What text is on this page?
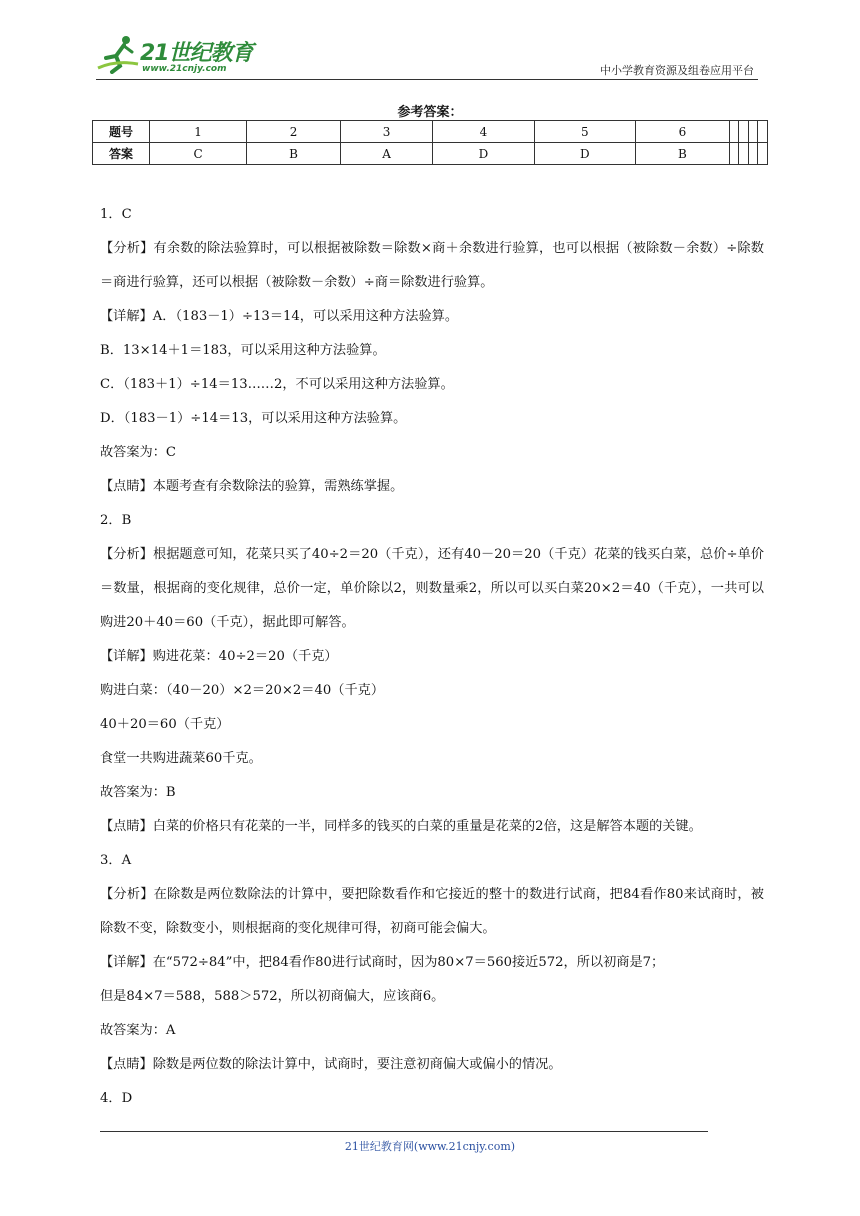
21世纪教育
www.21cnjy.com	中小学教育资源及组卷应用平台
参考答案：
题号	1	2	3	4	5	6				
答案	C	B	A	D	D	B				

1．C

【分析】有余数的除法验算时，可以根据被除数＝除数×商＋余数进行验算，也可以根据（被除数－余数）÷除数＝商进行验算，还可以根据（被除数－余数）÷商＝除数进行验算。

【详解】A．（183－1）÷13＝14，可以采用这种方法验算。

B．13×14＋1＝183，可以采用这种方法验算。

C．（183＋1）÷14＝13……2，不可以采用这种方法验算。

D．（183－1）÷14＝13，可以采用这种方法验算。

故答案为：C

【点睛】本题考查有余数除法的验算，需熟练掌握。

2．B

【分析】根据题意可知，花菜只买了40÷2＝20（千克），还有40－20＝20（千克）花菜的钱买白菜，总价÷单价＝数量，根据商的变化规律，总价一定，单价除以2，则数量乘2，所以可以买白菜20×2＝40（千克），一共可以购进20＋40＝60（千克），据此即可解答。

【详解】购进花菜：40÷2＝20（千克）

购进白菜：（40－20）×2＝20×2＝40（千克）

40＋20＝60（千克）

食堂一共购进蔬菜60千克。

故答案为：B

【点睛】白菜的价格只有花菜的一半，同样多的钱买的白菜的重量是花菜的2倍，这是解答本题的关键。

3．A

【分析】在除数是两位数除法的计算中，要把除数看作和它接近的整十的数进行试商，把84看作80来试商时，被除数不变，除数变小，则根据商的变化规律可得，初商可能会偏大。

【详解】在“572÷84”中，把84看作80进行试商时，因为80×7＝560接近572，所以初商是7；

但是84×7＝588，588＞572，所以初商偏大，应该商6。

故答案为：A

【点睛】除数是两位数的除法计算中，试商时，要注意初商偏大或偏小的情况。

4．D

21世纪教育网(www.21cnjy.com)
